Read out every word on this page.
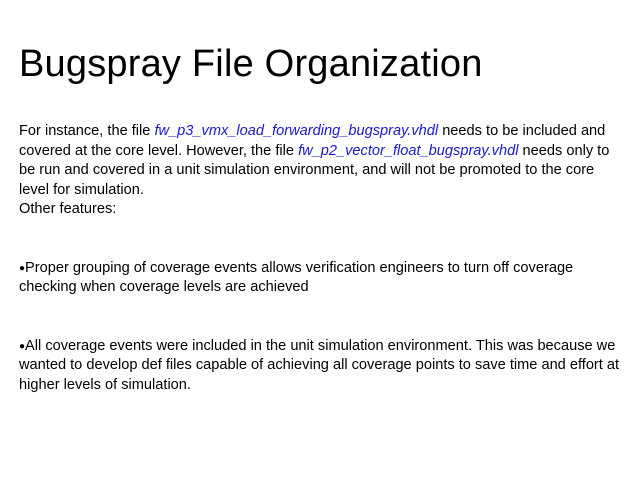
Bugspray File Organization

For instance, the file fw_p3_vmx_load_forwarding_bugspray.vhdl needs to be included and covered at the core level. However, the file fw_p2_vector_float_bugspray.vhdl needs only to be run and covered in a unit simulation environment, and will not be promoted to the core level for simulation.

Other features:

●Proper grouping of coverage events allows verification engineers to turn off coverage checking when coverage levels are achieved

●All coverage events were included in the unit simulation environment. This was because we wanted to develop def files capable of achieving all coverage points to save time and effort at higher levels of simulation.
